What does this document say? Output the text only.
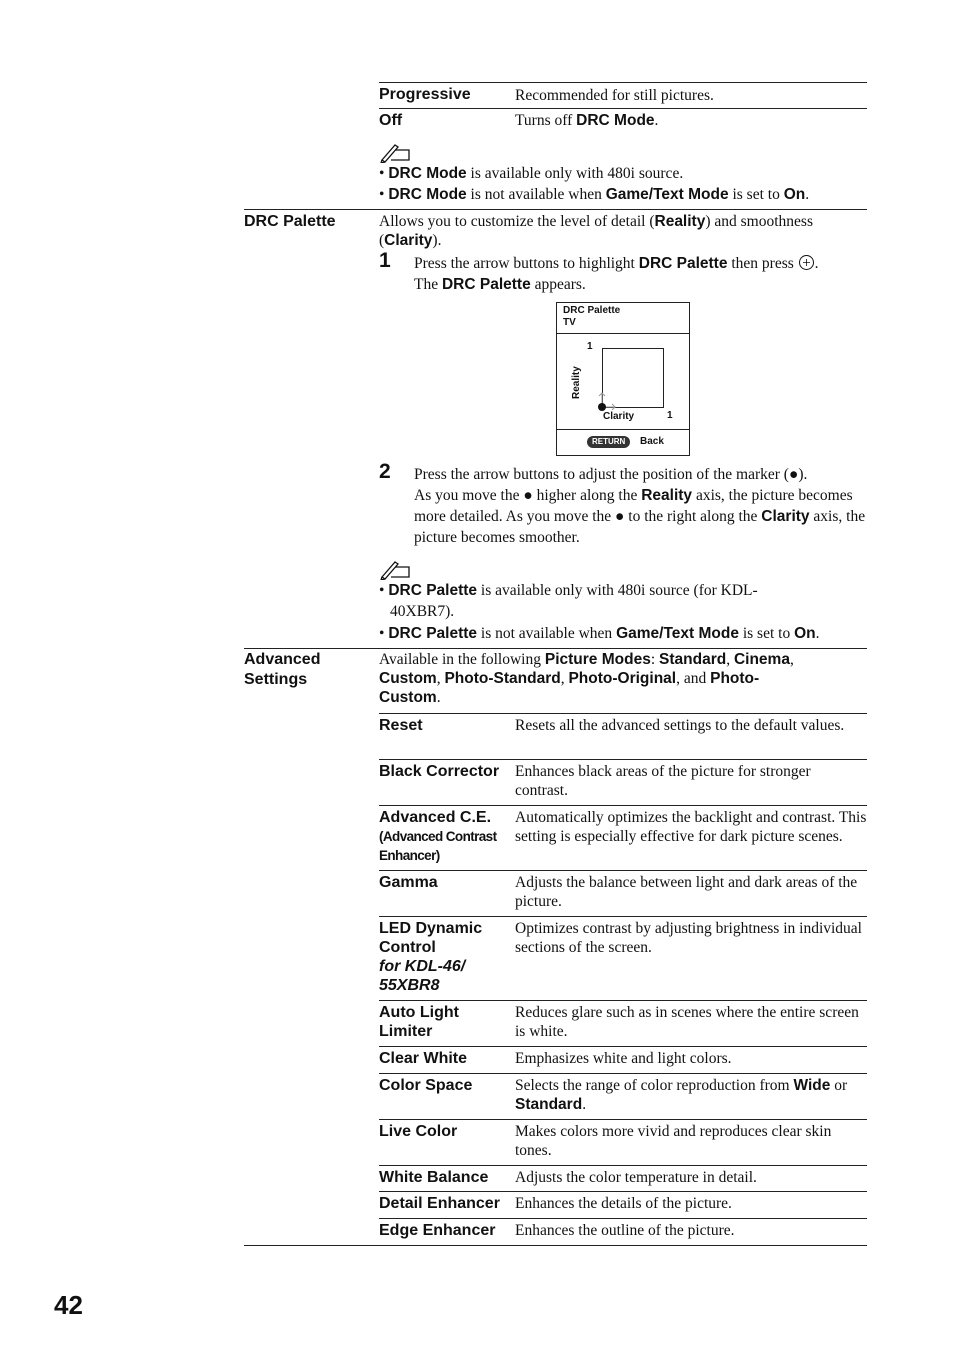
Progressive	Recommended for still pictures.
Off	Turns off DRC Mode.
• DRC Mode is available only with 480i source.
• DRC Mode is not available when Game/Text Mode is set to On.
DRC Palette	Allows you to customize the level of detail (Reality) and smoothness (Clarity).
1 Press the arrow buttons to highlight DRC Palette then press .
The DRC Palette appears.
DRC Palette
TV
1
Reality
Clarity	1
RETURN	Back
2 Press the arrow buttons to adjust the position of the marker (●).
As you move the ● higher along the Reality axis, the picture becomes more detailed. As you move the ● to the right along the Clarity axis, the picture becomes smoother.
• DRC Palette is available only with 480i source (for KDL-40XBR7).
• DRC Palette is not available when Game/Text Mode is set to On.
Advanced
Settings
Available in the following Picture Modes: Standard, Cinema,
Custom, Photo-Standard, Photo-Original, and Photo-
Custom.
Reset	Resets all the advanced settings to the default values.
Black Corrector Enhances black areas of the picture for stronger contrast.
Advanced C.E.
(Advanced Contrast
Enhancer)
Automatically optimizes the backlight and contrast. This setting is especially effective for dark picture scenes.
Gamma	Adjusts the balance between light and dark areas of the picture.
LED Dynamic
Control
for KDL-46/
55XBR8
Optimizes contrast by adjusting brightness in individual sections of the screen.
Auto Light
Limiter
Reduces glare such as in scenes where the entire screen is white.
Clear White	Emphasizes white and light colors.
Color Space	Selects the range of color reproduction from Wide or Standard.
Live Color	Makes colors more vivid and reproduces clear skin tones.
White Balance Adjusts the color temperature in detail.
Detail Enhancer Enhances the details of the picture.
Edge Enhancer Enhances the outline of the picture.
42
